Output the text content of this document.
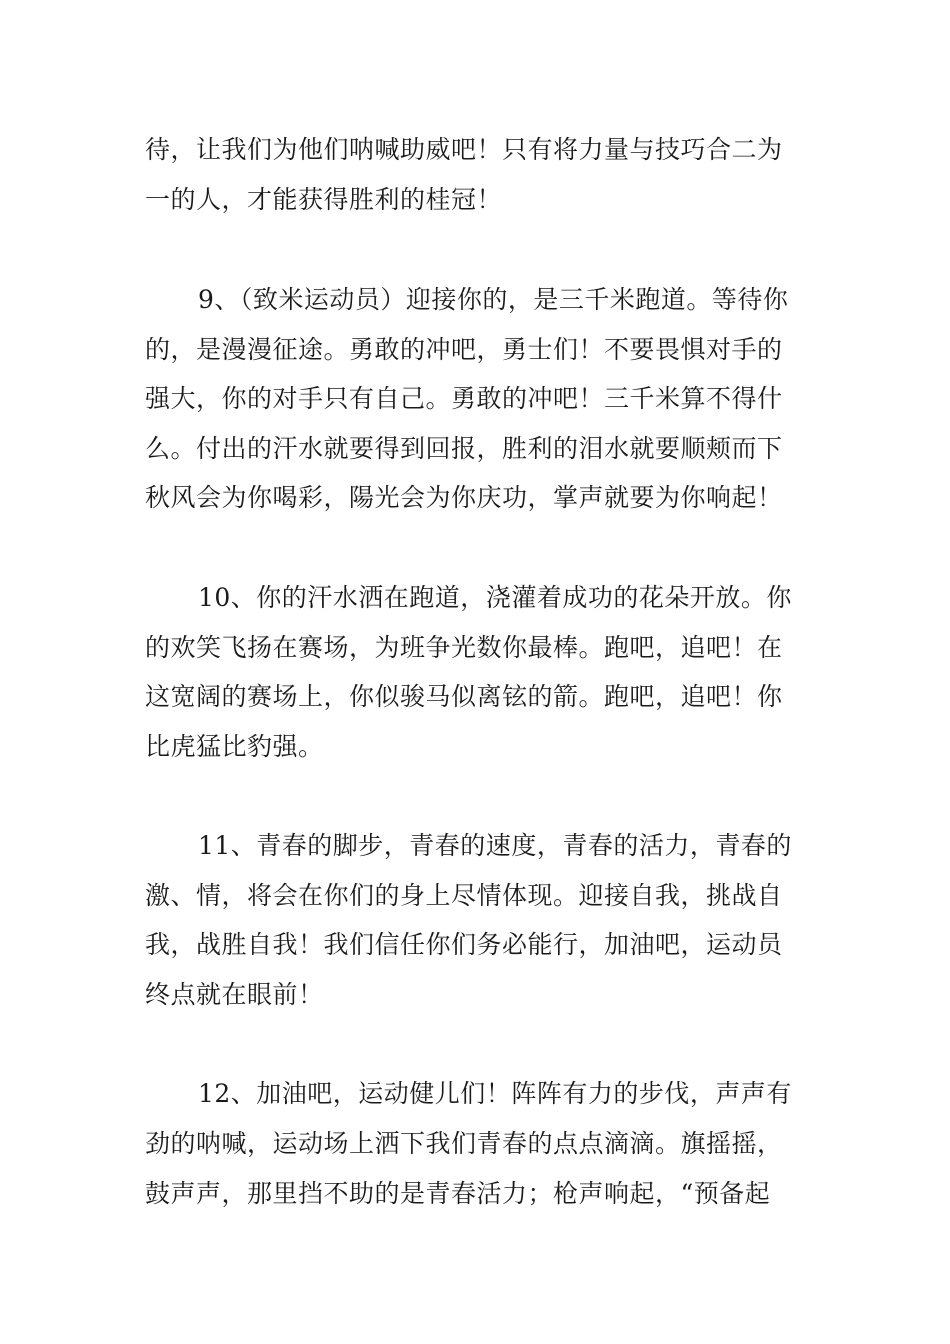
待，让我们为他们呐喊助威吧！只有将力量与技巧合二为
一的人，才能获得胜利的桂冠！
9、（致米运动员）迎接你的，是三千米跑道。等待你
的，是漫漫征途。勇敢的冲吧，勇士们！不要畏惧对手的
强大，你的对手只有自己。勇敢的冲吧！三千米算不得什
么。付出的汗水就要得到回报，胜利的泪水就要顺颊而下
秋风会为你喝彩，陽光会为你庆功，掌声就要为你响起！
10、你的汗水洒在跑道，浇灌着成功的花朵开放。你
的欢笑飞扬在赛场，为班争光数你最棒。跑吧，追吧！在
这宽阔的赛场上，你似骏马似离铉的箭。跑吧，追吧！你
比虎猛比豹强。
11、青春的脚步，青春的速度，青春的活力，青春的
激、情，将会在你们的身上尽情体现。迎接自我，挑战自
我，战胜自我！我们信任你们务必能行，加油吧，运动员
终点就在眼前！
12、加油吧，运动健儿们！阵阵有力的步伐，声声有
劲的呐喊，运动场上洒下我们青春的点点滴滴。旗摇摇，
鼓声声，那里挡不助的是青春活力；枪声响起，“预备起
